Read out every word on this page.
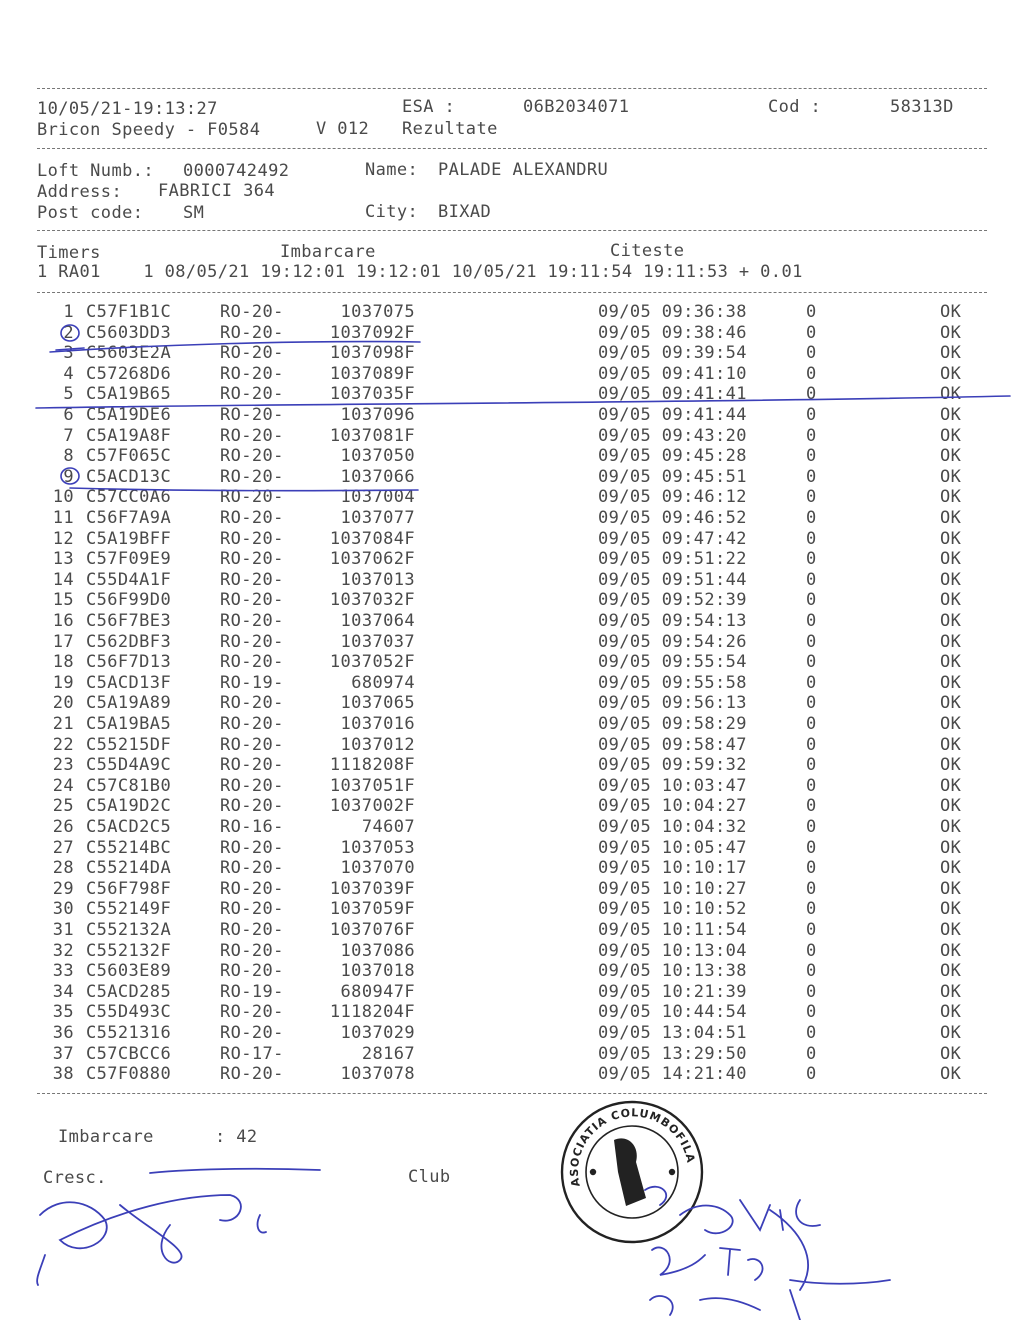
10/05/21-19:13:27	ESA :	06B2034071	Cod :	58313D
Bricon Speedy - F0584	V 012 Rezultate
Loft Numb.: 0000742492	Name: PALADE ALEXANDRU
Address: FABRICI 364
Post code: SM	City: BIXAD
Timers	Imbarcare	Citeste
1 RA01    1 08/05/21 19:12:01 19:12:01 10/05/21 19:11:54 19:11:53 + 0.01
1 C57F1B1C	RO-20-	1037075	09/05 09:36:38	0	OK
2 C5603DD3	RO-20-	1037092F	09/05 09:38:46	0	OK
3 C5603E2A	RO-20-	1037098F	09/05 09:39:54	0	OK
4 C57268D6	RO-20-	1037089F	09/05 09:41:10	0	OK
5 C5A19B65	RO-20-	1037035F	09/05 09:41:41	0	OK
6 C5A19DE6	RO-20-	1037096	09/05 09:41:44	0	OK
7 C5A19A8F	RO-20-	1037081F	09/05 09:43:20	0	OK
8 C57F065C	RO-20-	1037050	09/05 09:45:28	0	OK
9 C5ACD13C	RO-20-	1037066	09/05 09:45:51	0	OK
10 C57CC0A6	RO-20-	1037004	09/05 09:46:12	0	OK
11 C56F7A9A	RO-20-	1037077	09/05 09:46:52	0	OK
12 C5A19BFF	RO-20-	1037084F	09/05 09:47:42	0	OK
13 C57F09E9	RO-20-	1037062F	09/05 09:51:22	0	OK
14 C55D4A1F	RO-20-	1037013	09/05 09:51:44	0	OK
15 C56F99D0	RO-20-	1037032F	09/05 09:52:39	0	OK
16 C56F7BE3	RO-20-	1037064	09/05 09:54:13	0	OK
17 C562DBF3	RO-20-	1037037	09/05 09:54:26	0	OK
18 C56F7D13	RO-20-	1037052F	09/05 09:55:54	0	OK
19 C5ACD13F	RO-19-	680974	09/05 09:55:58	0	OK
20 C5A19A89	RO-20-	1037065	09/05 09:56:13	0	OK
21 C5A19BA5	RO-20-	1037016	09/05 09:58:29	0	OK
22 C55215DF	RO-20-	1037012	09/05 09:58:47	0	OK
23 C55D4A9C	RO-20-	1118208F	09/05 09:59:32	0	OK
24 C57C81B0	RO-20-	1037051F	09/05 10:03:47	0	OK
25 C5A19D2C	RO-20-	1037002F	09/05 10:04:27	0	OK
26 C5ACD2C5	RO-16-	74607	09/05 10:04:32	0	OK
27 C55214BC	RO-20-	1037053	09/05 10:05:47	0	OK
28 C55214DA	RO-20-	1037070	09/05 10:10:17	0	OK
29 C56F798F	RO-20-	1037039F	09/05 10:10:27	0	OK
30 C552149F	RO-20-	1037059F	09/05 10:10:52	0	OK
31 C552132A	RO-20-	1037076F	09/05 10:11:54	0	OK
32 C552132F	RO-20-	1037086	09/05 10:13:04	0	OK
33 C5603E89	RO-20-	1037018	09/05 10:13:38	0	OK
34 C5ACD285	RO-19-	680947F	09/05 10:21:39	0	OK
35 C55D493C	RO-20-	1118204F	09/05 10:44:54	0	OK
36 C5521316	RO-20-	1037029	09/05 13:04:51	0	OK
37 C57CBCC6	RO-17-	28167	09/05 13:29:50	0	OK
38 C57F0880	RO-20-	1037078	09/05 14:21:40	0	OK
Imbarcare	: 42
Cresc.	Club	ASOCIATIA COLUMBOFILA
